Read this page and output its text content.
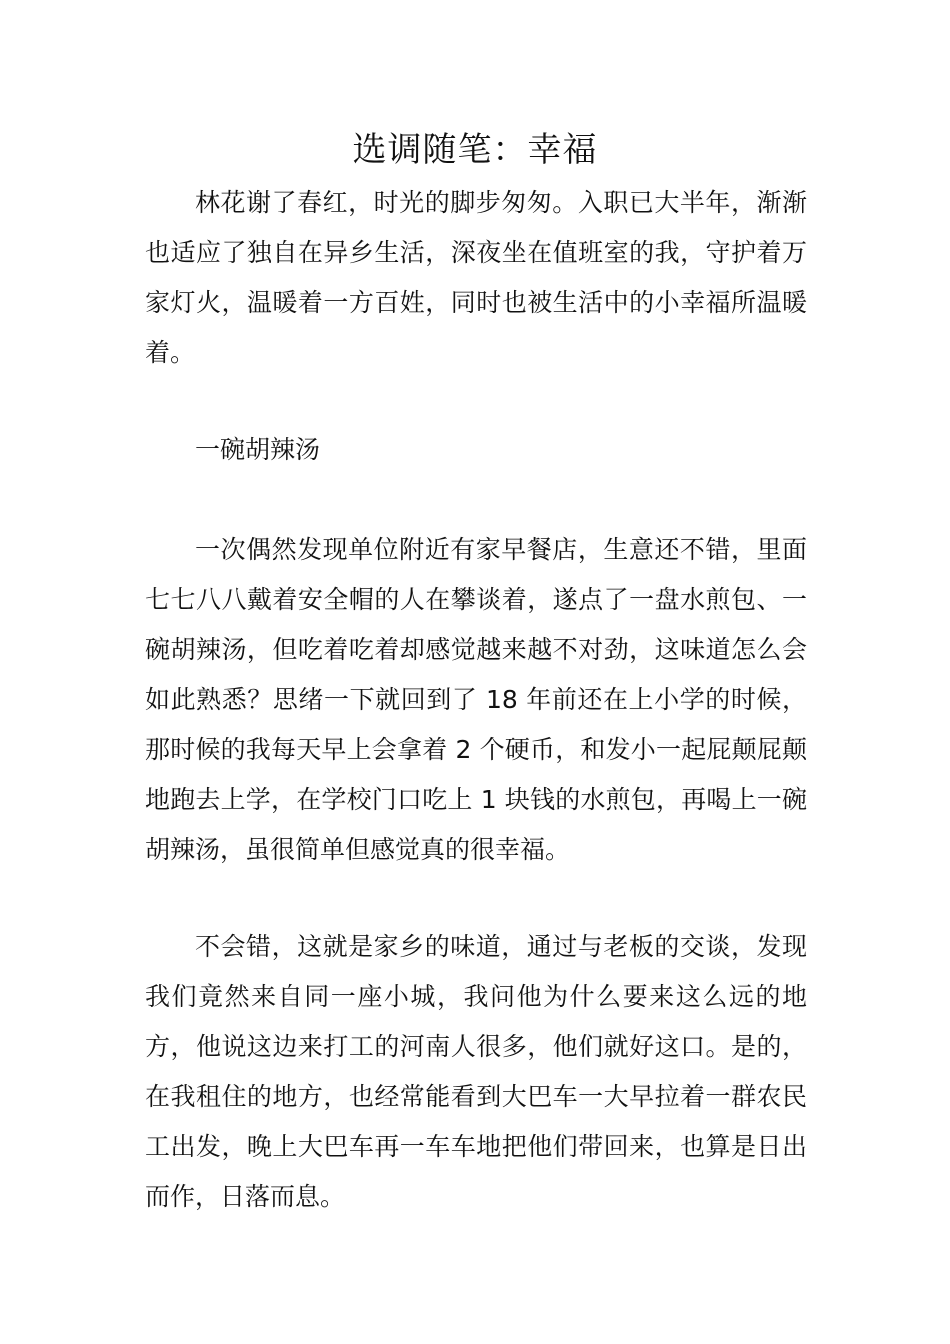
选调随笔：幸福

林花谢了春红，时光的脚步匆匆。入职已大半年，渐渐也适应了独自在异乡生活，深夜坐在值班室的我，守护着万家灯火，温暖着一方百姓，同时也被生活中的小幸福所温暖着。

一碗胡辣汤

一次偶然发现单位附近有家早餐店，生意还不错，里面七七八八戴着安全帽的人在攀谈着，遂点了一盘水煎包、一碗胡辣汤，但吃着吃着却感觉越来越不对劲，这味道怎么会如此熟悉？思绪一下就回到了 18 年前还在上小学的时候，那时候的我每天早上会拿着 2 个硬币，和发小一起屁颠屁颠地跑去上学，在学校门口吃上 1 块钱的水煎包，再喝上一碗胡辣汤，虽很简单但感觉真的很幸福。

不会错，这就是家乡的味道，通过与老板的交谈，发现我们竟然来自同一座小城，我问他为什么要来这么远的地方，他说这边来打工的河南人很多，他们就好这口。是的，在我租住的地方，也经常能看到大巴车一大早拉着一群农民工出发，晚上大巴车再一车车地把他们带回来，也算是日出而作，日落而息。
